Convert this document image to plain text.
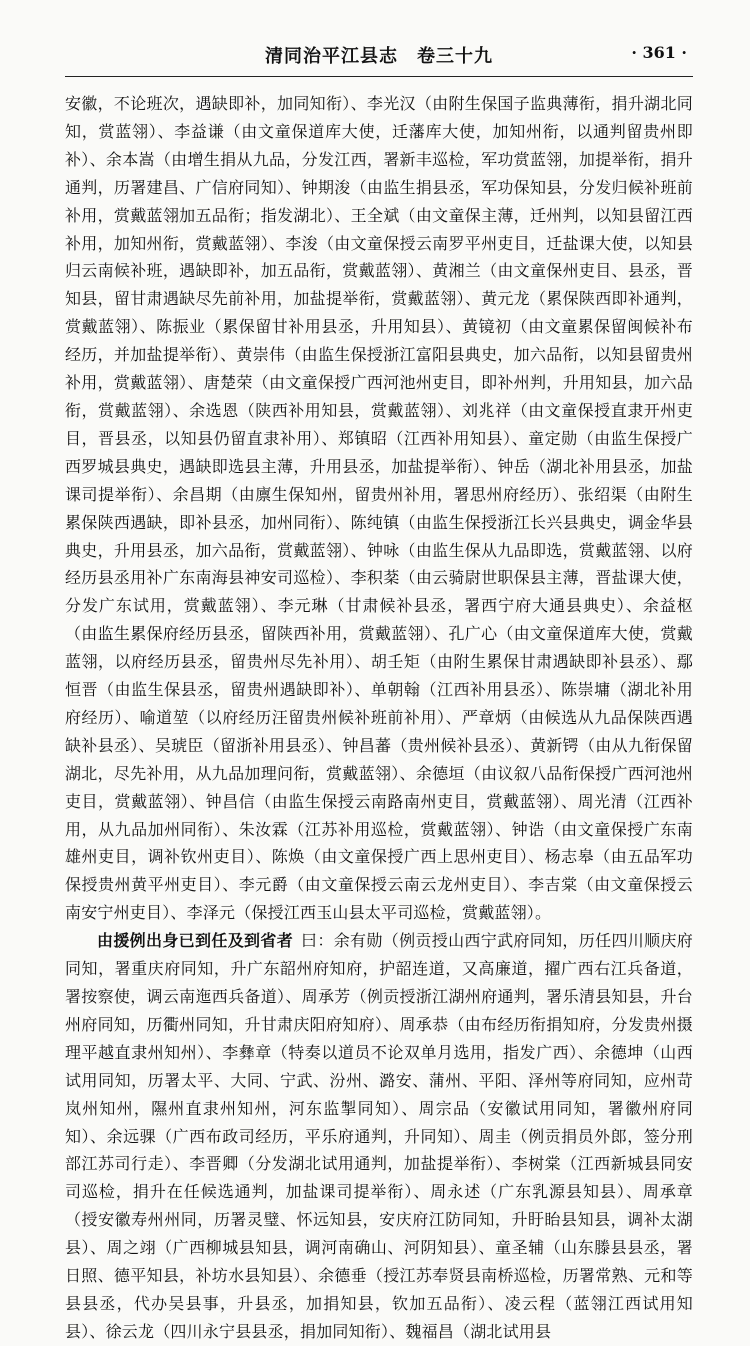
清同治平江县志　卷三十九	· 361 ·

安徽，不论班次，遇缺即补，加同知衔）、李光汉（由附生保国子监典薄衔，捐升湖北同知，赏蓝翎）、李益谦（由文童保道库大使，迁藩库大使，加知州衔，以通判留贵州即补）、余本嵩（由增生捐从九品，分发江西，署新丰巡检，军功赏蓝翎，加提举衔，捐升通判，历署建昌、广信府同知）、钟期浚（由监生捐县丞，军功保知县，分发归候补班前补用，赏戴蓝翎加五品衔；指发湖北）、王全斌（由文童保主薄，迁州判，以知县留江西补用，加知州衔，赏戴蓝翎）、李浚（由文童保授云南罗平州吏目，迁盐课大使，以知县归云南候补班，遇缺即补，加五品衔，赏戴蓝翎）、黄湘兰（由文童保州吏目、县丞，晋知县，留甘肃遇缺尽先前补用，加盐提举衔，赏戴蓝翎）、黄元龙（累保陕西即补通判，赏戴蓝翎）、陈振业（累保留甘补用县丞，升用知县）、黄镜初（由文童累保留闽候补布经历，并加盐提举衔）、黄崇伟（由监生保授浙江富阳县典史，加六品衔，以知县留贵州补用，赏戴蓝翎）、唐楚荣（由文童保授广西河池州吏目，即补州判，升用知县，加六品衔，赏戴蓝翎）、余选恩（陕西补用知县，赏戴蓝翎）、刘兆祥（由文童保授直隶开州吏目，晋县丞，以知县仍留直隶补用）、郑镇昭（江西补用知县）、童定勋（由监生保授广西罗城县典史，遇缺即选县主薄，升用县丞，加盐提举衔）、钟岳（湖北补用县丞，加盐课司提举衔）、余昌期（由廪生保知州，留贵州补用，署思州府经历）、张绍渠（由附生累保陕西遇缺，即补县丞，加州同衔）、陈纯镇（由监生保授浙江长兴县典史，调金华县典史，升用县丞，加六品衔，赏戴蓝翎）、钟咏（由监生保从九品即选，赏戴蓝翎、以府经历县丞用补广东南海县神安司巡检）、李积棻（由云骑尉世职保县主薄，晋盐课大使，分发广东试用，赏戴蓝翎）、李元琳（甘肃候补县丞，署西宁府大通县典史）、余益枢（由监生累保府经历县丞，留陕西补用，赏戴蓝翎）、孔广心（由文童保道库大使，赏戴蓝翎，以府经历县丞，留贵州尽先补用）、胡壬矩（由附生累保甘肃遇缺即补县丞）、鄢恒晋（由监生保县丞，留贵州遇缺即补）、单朝翰（江西补用县丞）、陈崇墉（湖北补用府经历）、喻道堃（以府经历汪留贵州候补班前补用）、严章炳（由候选从九品保陕西遇缺补县丞）、吴琥臣（留浙补用县丞）、钟昌蕃（贵州候补县丞）、黄新锷（由从九衔保留湖北，尽先补用，从九品加理问衔，赏戴蓝翎）、余德垣（由议叙八品衔保授广西河池州吏目，赏戴蓝翎）、钟昌信（由监生保授云南路南州吏目，赏戴蓝翎）、周光清（江西补用，从九品加州同衔）、朱汝霖（江苏补用巡检，赏戴蓝翎）、钟诰（由文童保授广东南雄州吏目，调补钦州吏目）、陈焕（由文童保授广西上思州吏目）、杨志皋（由五品军功保授贵州黄平州吏目）、李元爵（由文童保授云南云龙州吏目）、李吉棠（由文童保授云南安宁州吏目）、李泽元（保授江西玉山县太平司巡检，赏戴蓝翎）。

由援例出身已到任及到省者 曰：余有勋（例贡授山西宁武府同知，历任四川顺庆府同知，署重庆府同知，升广东韶州府知府，护韶连道，又高廉道，擢广西右江兵备道，署按察使，调云南迤西兵备道）、周承芳（例贡授浙江湖州府通判，署乐清县知县，升台州府同知，历衢州同知，升甘肃庆阳府知府）、周承恭（由布经历衔捐知府，分发贵州摄理平越直隶州知州）、李彝章（特奏以道员不论双单月选用，指发广西）、余德坤（山西试用同知，历署太平、大同、宁武、汾州、潞安、蒲州、平阳、泽州等府同知，应州苛岚州知州，隰州直隶州知州，河东监掣同知）、周宗品（安徽试用同知，署徽州府同知）、余远骒（广西布政司经历，平乐府通判，升同知）、周圭（例贡捐员外郎，签分刑部江苏司行走）、李晋卿（分发湖北试用通判，加盐提举衔）、李树棠（江西新城县同安司巡检，捐升在任候选通判，加盐课司提举衔）、周永述（广东乳源县知县）、周承章（授安徽寿州州同，历署灵璧、怀远知县，安庆府江防同知，升盱眙县知县，调补太湖县）、周之翊（广西柳城县知县，调河南确山、河阴知县）、童圣辅（山东滕县县丞，署日照、德平知县，补坊水县知县）、余德垂（授江苏奉贤县南桥巡检，历署常熟、元和等县县丞，代办吴县事，升县丞，加捐知县，钦加五品衔）、凌云程（蓝翎江西试用知县）、徐云龙（四川永宁县县丞，捐加同知衔）、魏福昌（湖北试用县
